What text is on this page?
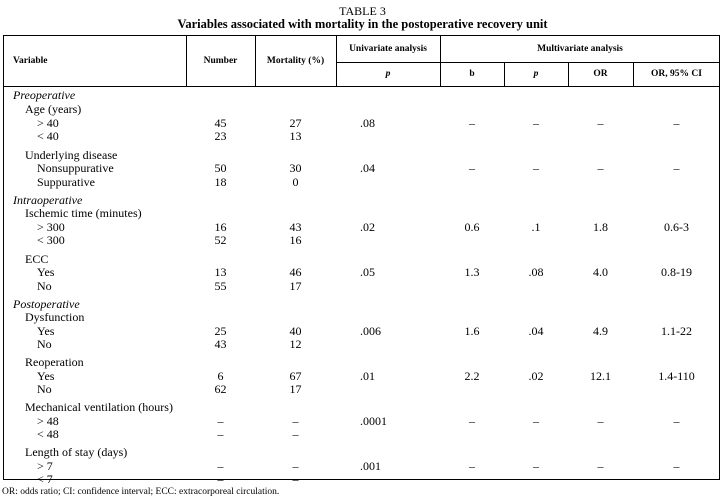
TABLE 3
Variables associated with mortality in the postoperative recovery unit
Variable	Number	Mortality (%)
Univariate analysis
p
Multivariate analysis
b	p	OR	OR, 95% CI
Preoperative
Age (years)
> 40	45	27	.08	–	–	–	–
< 40	23	13
Underlying disease
Nonsuppurative	50	30	.04	–	–	–	–
Suppurative	18	0
Intraoperative
Ischemic time (minutes)
> 300	16	43	.02	0.6	.1	1.8	0.6-3
< 300	52	16
ECC
Yes	13	46	.05	1.3	.08	4.0	0.8-19
No	55	17
Postoperative
Dysfunction
Yes	25	40	.006	1.6	.04	4.9	1.1-22
No	43	12
Reoperation
Yes	6	67	.01	2.2	.02	12.1	1.4-110
No	62	17
Mechanical ventilation (hours)
> 48	–	–	.0001	–	–	–	–
< 48	–	–
Length of stay (days)
> 7	–	–	.001	–	–	–	–
< 7	–	–
OR: odds ratio; CI: confidence interval; ECC: extracorporeal circulation.
